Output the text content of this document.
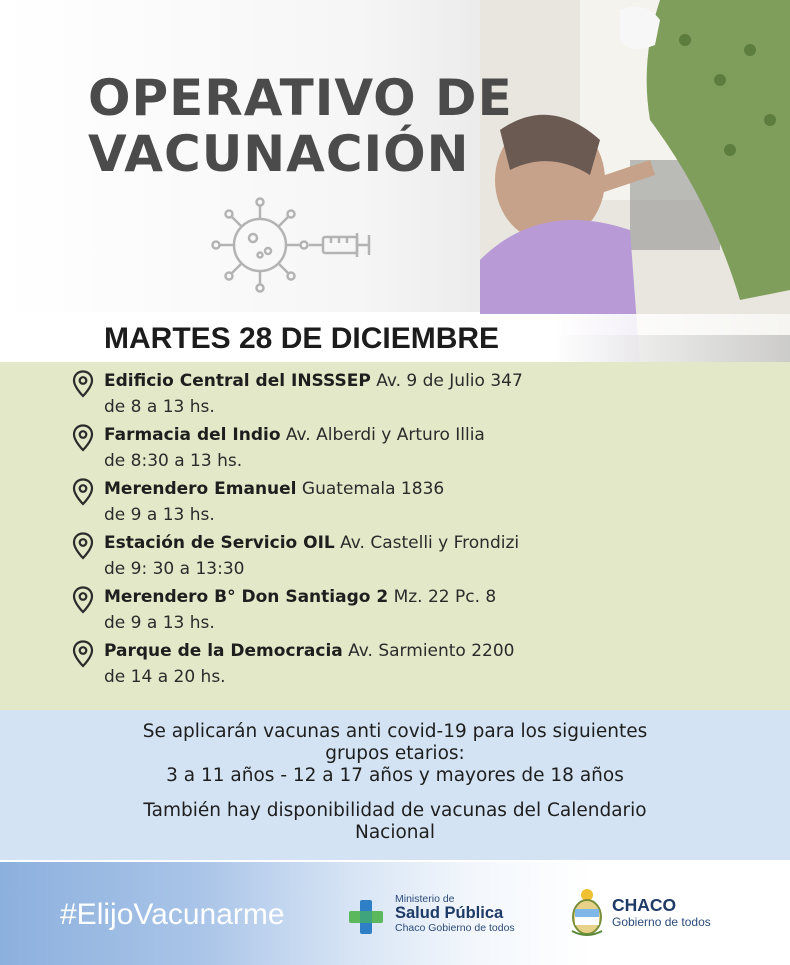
OPERATIVO DE
VACUNACIÓN
MARTES 28 DE DICIEMBRE
Edificio Central del INSSSEP Av. 9 de Julio 347
de 8 a 13 hs.
Farmacia del Indio Av. Alberdi y Arturo Illia
de 8:30 a 13 hs.
Merendero Emanuel Guatemala 1836
de 9 a 13 hs.
Estación de Servicio OIL Av. Castelli y Frondizi
de 9: 30 a 13:30
Merendero B° Don Santiago 2 Mz. 22 Pc. 8
de 9 a 13 hs.
Parque de la Democracia Av. Sarmiento 2200
de 14 a 20 hs.

Se aplicarán vacunas anti covid-19 para los siguientes

grupos etarios:

3 a 11 años - 12 a 17 años y mayores de 18 años

También hay disponibilidad de vacunas del Calendario

Nacional

#ElijoVacunarme	Ministerio de
Salud Pública
Chaco Gobierno de todos
CHACO
Gobierno de todos
